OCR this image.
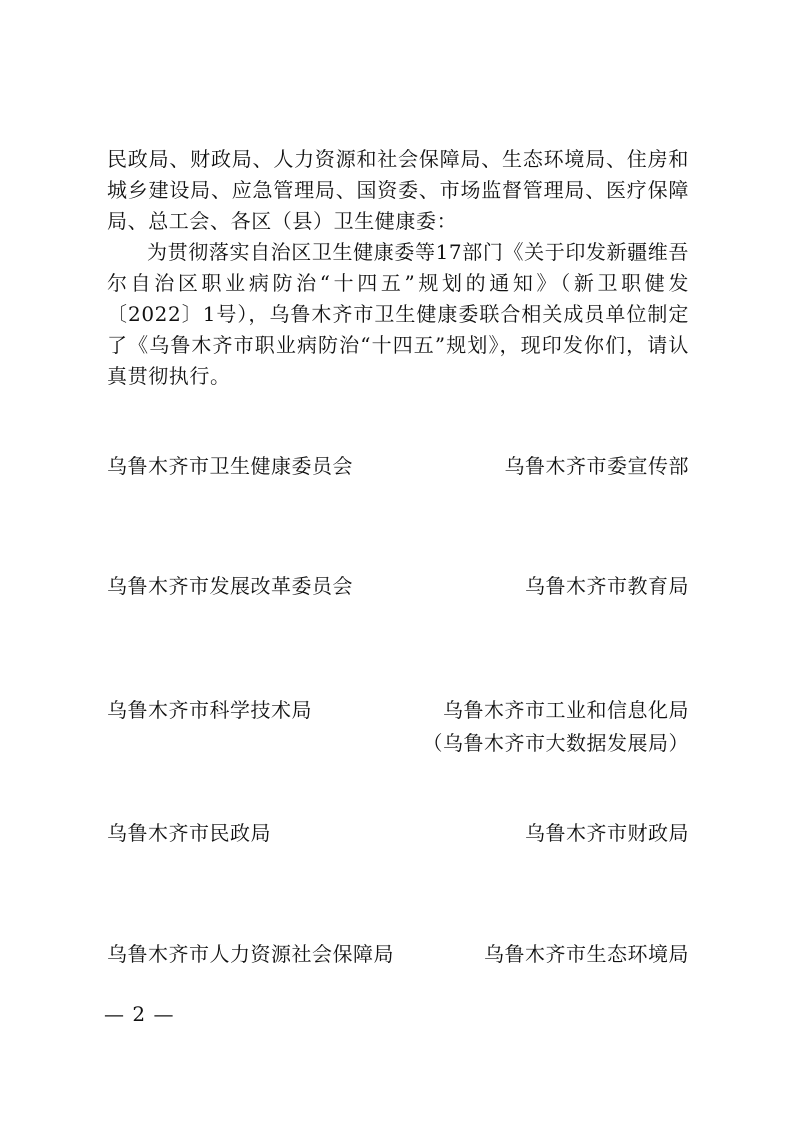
民政局、财政局、人力资源和社会保障局、生态环境局、住房和城乡建设局、应急管理局、国资委、市场监督管理局、医疗保障局、总工会、各区（县）卫生健康委：

为贯彻落实自治区卫生健康委等17部门《关于印发新疆维吾尔自治区职业病防治“十四五”规划的通知》（新卫职健发〔2022〕1号），乌鲁木齐市卫生健康委联合相关成员单位制定了《乌鲁木齐市职业病防治“十四五”规划》，现印发你们，请认真贯彻执行。

乌鲁木齐市卫生健康委员会	乌鲁木齐市委宣传部
乌鲁木齐市发展改革委员会	乌鲁木齐市教育局
乌鲁木齐市科学技术局	乌鲁木齐市工业和信息化局
（乌鲁木齐市大数据发展局）
乌鲁木齐市民政局	乌鲁木齐市财政局
乌鲁木齐市人力资源社会保障局	乌鲁木齐市生态环境局
— 2 —
